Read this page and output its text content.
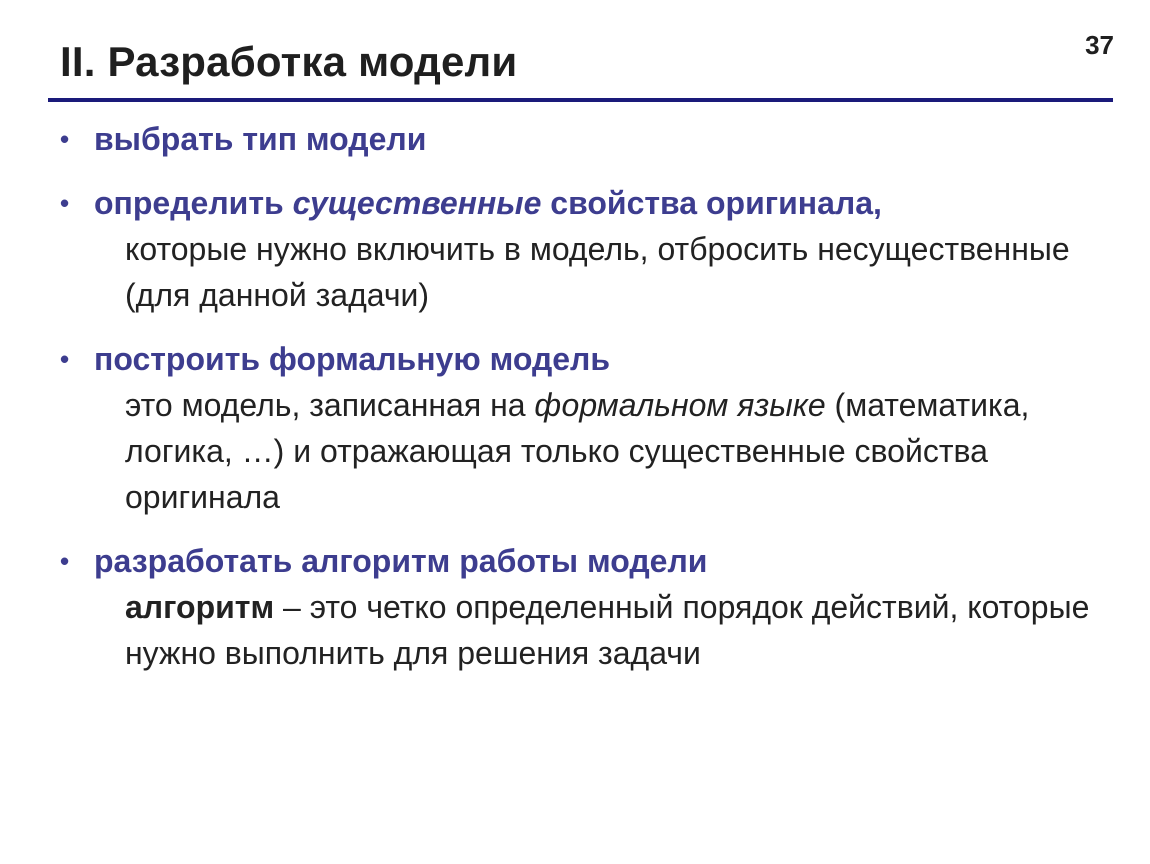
II. Разработка модели	37
• выбрать тип модели
• определить существенные свойства оригинала,
которые нужно включить в модель, отбросить несущественные (для данной задачи)
• построить формальную модель
это модель, записанная на формальном языке (математика, логика, …) и отражающая только существенные свойства оригинала
• разработать алгоритм работы модели
алгоритм – это четко определенный порядок действий, которые нужно выполнить для решения задачи
